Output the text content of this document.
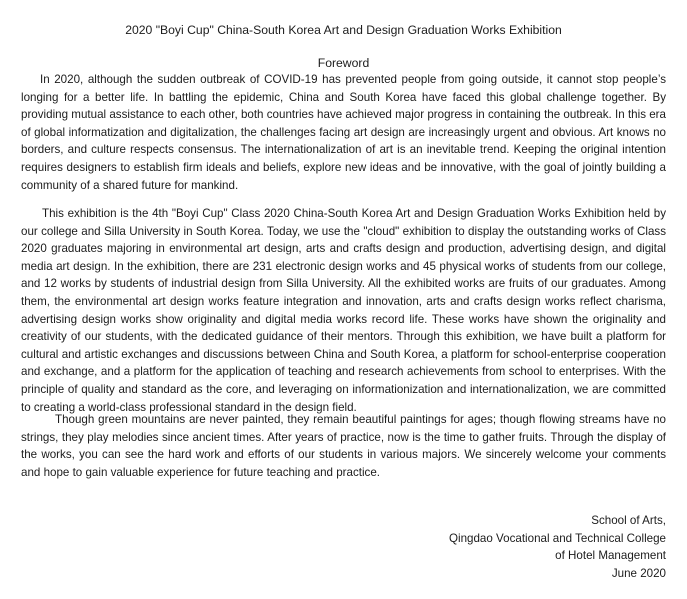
2020 "Boyi Cup" China-South Korea Art and Design Graduation Works Exhibition
Foreword

In 2020, although the sudden outbreak of COVID-19 has prevented people from going outside, it cannot stop people’s longing for a better life. In battling the epidemic, China and South Korea have faced this global challenge together. By providing mutual assistance to each other, both countries have achieved major progress in containing the outbreak. In this era of global informatization and digitalization, the challenges facing art design are increasingly urgent and obvious. Art knows no borders, and culture respects consensus. The internationalization of art is an inevitable trend. Keeping the original intention requires designers to establish firm ideals and beliefs, explore new ideas and be innovative, with the goal of jointly building a community of a shared future for mankind.

This exhibition is the 4th "Boyi Cup" Class 2020 China-South Korea Art and Design Graduation Works Exhibition held by our college and Silla University in South Korea. Today, we use the "cloud" exhibition to display the outstanding works of Class 2020 graduates majoring in environmental art design, arts and crafts design and production, advertising design, and digital media art design. In the exhibition, there are 231 electronic design works and 45 physical works of students from our college, and 12 works by students of industrial design from Silla University. All the exhibited works are fruits of our graduates. Among them, the environmental art design works feature integration and innovation, arts and crafts design works reflect charisma, advertising design works show originality and digital media works record life. These works have shown the originality and creativity of our students, with the dedicated guidance of their mentors. Through this exhibition, we have built a platform for cultural and artistic exchanges and discussions between China and South Korea, a platform for school-enterprise cooperation and exchange, and a platform for the application of teaching and research achievements from school to enterprises. With the principle of quality and standard as the core, and leveraging on informationization and internationalization, we are committed to creating a world-class professional standard in the design field.

Though green mountains are never painted, they remain beautiful paintings for ages; though flowing streams have no strings, they play melodies since ancient times. After years of practice, now is the time to gather fruits. Through the display of the works, you can see the hard work and efforts of our students in various majors. We sincerely welcome your comments and hope to gain valuable experience for future teaching and practice.

School of Arts,
Qingdao Vocational and Technical College
of Hotel Management
June 2020
